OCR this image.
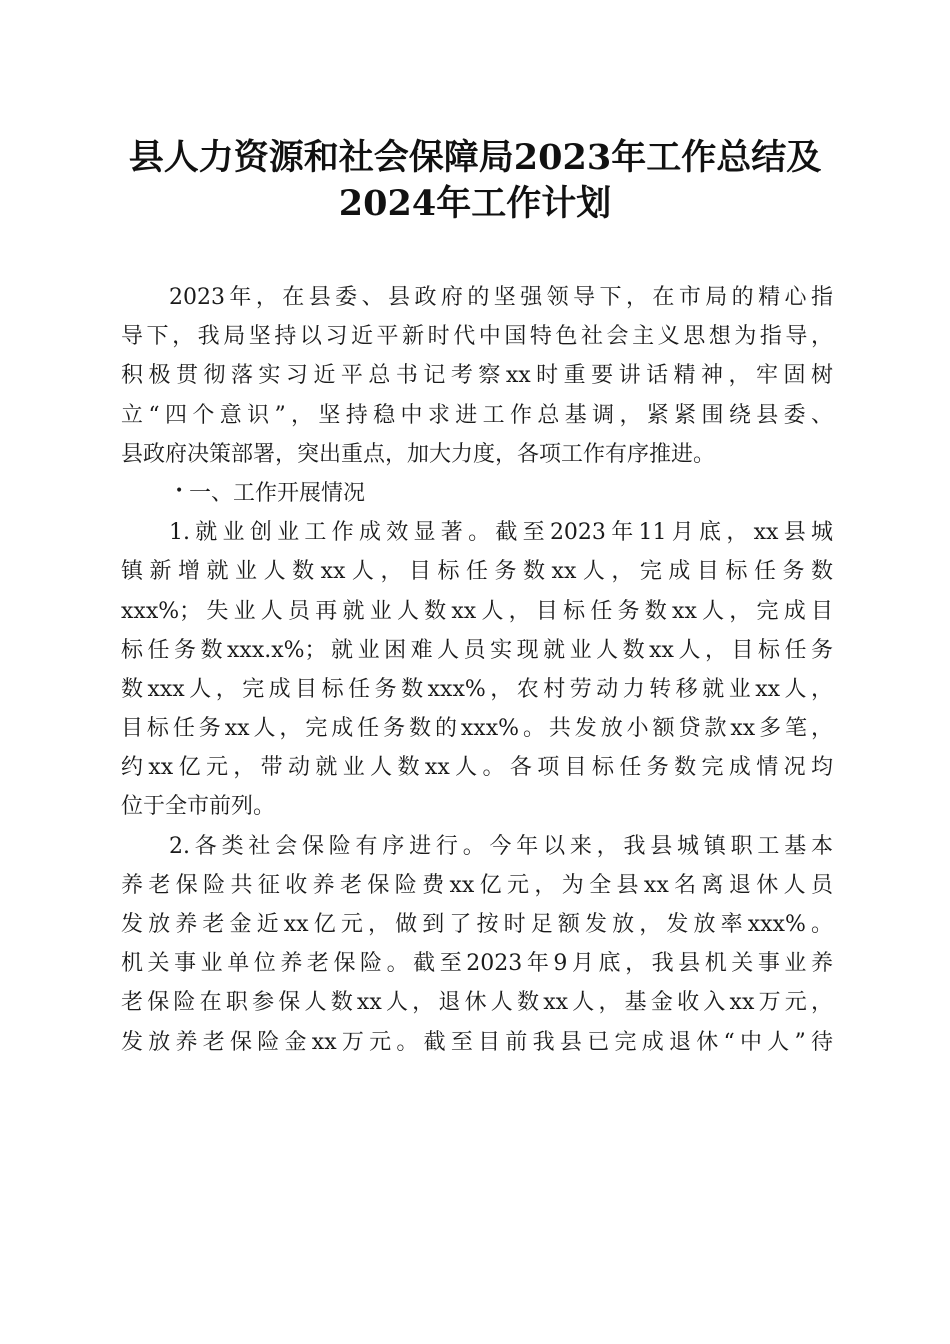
县人力资源和社会保障局2023年工作总结及
2024年工作计划
2023年，在县委、县政府的坚强领导下，在市局的精心指
导下，我局坚持以习近平新时代中国特色社会主义思想为指导，
积极贯彻落实习近平总书记考察xx时重要讲话精神，牢固树
立“四个意识”，坚持稳中求进工作总基调，紧紧围绕县委、
县政府决策部署，突出重点，加大力度，各项工作有序推进。
• 一、工作开展情况
1.就业创业工作成效显著。截至2023年11月底，xx县城
镇新增就业人数xx人，目标任务数xx人，完成目标任务数
xxx%；失业人员再就业人数xx人，目标任务数xx人，完成目
标任务数xxx.x%；就业困难人员实现就业人数xx人，目标任务
数xxx人，完成目标任务数xxx%，农村劳动力转移就业xx人，
目标任务xx人，完成任务数的xxx%。共发放小额贷款xx多笔，
约xx亿元，带动就业人数xx人。各项目标任务数完成情况均
位于全市前列。
2.各类社会保险有序进行。今年以来，我县城镇职工基本
养老保险共征收养老保险费xx亿元，为全县xx名离退休人员
发放养老金近xx亿元，做到了按时足额发放，发放率xxx%。
机关事业单位养老保险。截至2023年9月底，我县机关事业养
老保险在职参保人数xx人，退休人数xx人，基金收入xx万元，
发放养老保险金xx万元。截至目前我县已完成退休“中人”待
